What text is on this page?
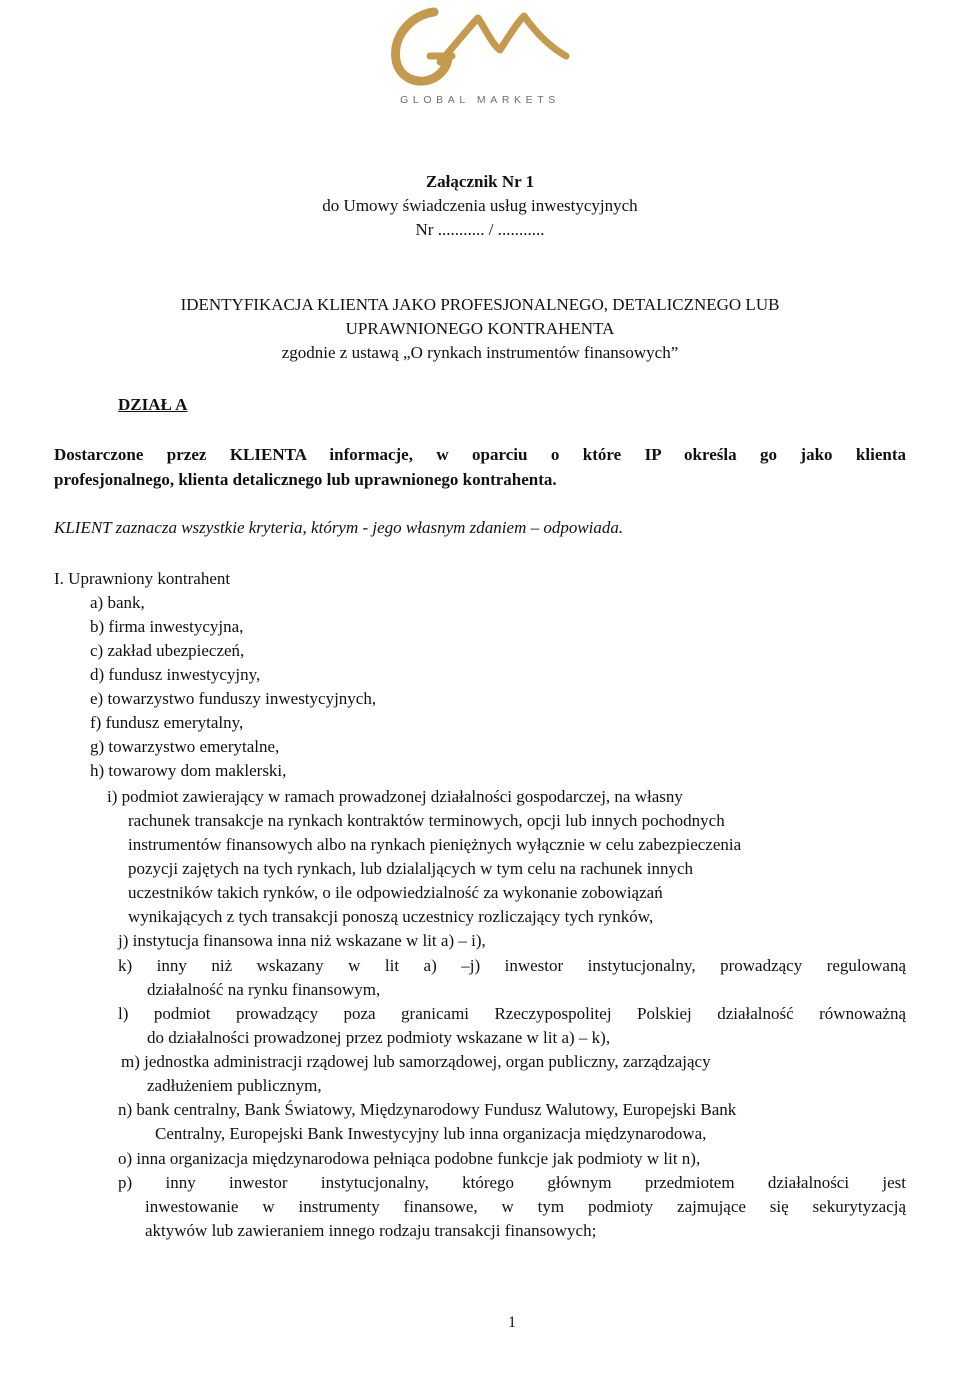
GLOBAL MARKETS
Załącznik Nr 1
do Umowy świadczenia usług inwestycyjnych
Nr ........... / ...........
IDENTYFIKACJA KLIENTA JAKO PROFESJONALNEGO, DETALICZNEGO LUB
UPRAWNIONEGO KONTRAHENTA
zgodnie z ustawą „O rynkach instrumentów finansowych”
DZIAŁ A
Dostarczone przez KLIENTA informacje, w oparciu o które IP określa go jako klienta
profesjonalnego, klienta detalicznego lub uprawnionego kontrahenta.
KLIENT zaznacza wszystkie kryteria, którym - jego własnym zdaniem – odpowiada.
I. Uprawniony kontrahent
a) bank,
b) firma inwestycyjna,
c) zakład ubezpieczeń,
d) fundusz inwestycyjny,
e) towarzystwo funduszy inwestycyjnych,
f) fundusz emerytalny,
g) towarzystwo emerytalne,
h) towarowy dom maklerski,
i) podmiot zawierający w ramach prowadzonej działalności gospodarczej, na własny
rachunek transakcje na rynkach kontraktów terminowych, opcji lub innych pochodnych
instrumentów finansowych albo na rynkach pieniężnych wyłącznie w celu zabezpieczenia
pozycji zajętych na tych rynkach, lub dzialaljących w tym celu na rachunek innych
uczestników takich rynków, o ile odpowiedzialność za wykonanie zobowiązań
wynikających z tych transakcji ponoszą uczestnicy rozliczający tych rynków,
j) instytucja finansowa inna niż wskazane w lit a) – i),
k) inny niż wskazany w lit a) –j) inwestor instytucjonalny, prowadzący regulowaną
działalność na rynku finansowym,
l) podmiot prowadzący poza granicami Rzeczypospolitej Polskiej działalność równoważną
do działalności prowadzonej przez podmioty wskazane w lit a) – k),
m) jednostka administracji rządowej lub samorządowej, organ publiczny, zarządzający
zadłużeniem publicznym,
n) bank centralny, Bank Światowy, Międzynarodowy Fundusz Walutowy, Europejski Bank
Centralny, Europejski Bank Inwestycyjny lub inna organizacja międzynarodowa,
o) inna organizacja międzynarodowa pełniąca podobne funkcje jak podmioty w lit n),
p) inny inwestor instytucjonalny, którego głównym przedmiotem działalności jest
inwestowanie w instrumenty finansowe, w tym podmioty zajmujące się sekurytyzacją
aktywów lub zawieraniem innego rodzaju transakcji finansowych;
1
